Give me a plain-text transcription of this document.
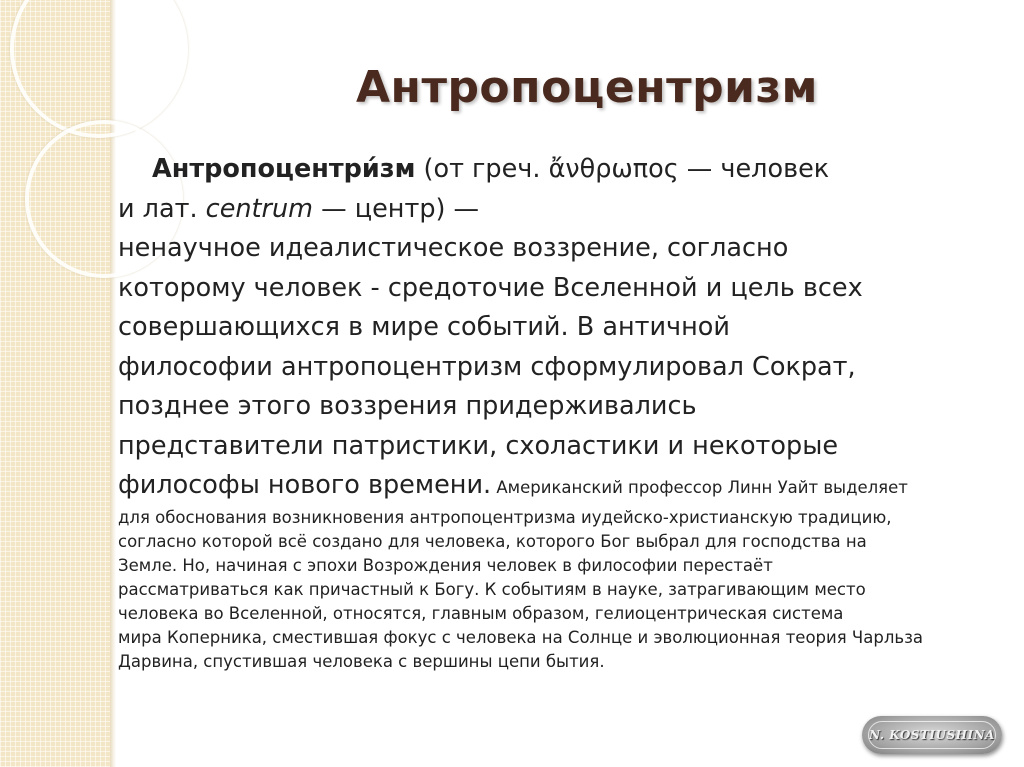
Антропоцентризм
Антропоцентри́зм (от греч. ἄνθρωπος — человек
и лат. centrum — центр) —
ненаучное идеалистическое воззрение, согласно
которому человек - средоточие Вселенной и цель всех
совершающихся в мире событий. В античной
философии антропоцентризм сформулировал Сократ,
позднее этого воззрения придерживались
представители патристики, схоластики и некоторые
философы нового времени. Американский профессор Линн Уайт выделяет
для обоснования возникновения антропоцентризма иудейско-христианскую традицию,
согласно которой всё создано для человека, которого Бог выбрал для господства на
Земле. Но, начиная с эпохи Возрождения человек в философии перестаёт
рассматриваться как причастный к Богу. К событиям в науке, затрагивающим место
человека во Вселенной, относятся, главным образом, гелиоцентрическая система
мира Коперника, сместившая фокус с человека на Солнце и эволюционная теория Чарльза
Дарвина, спустившая человека с вершины цепи бытия.
N. KOSTIUSHINA
